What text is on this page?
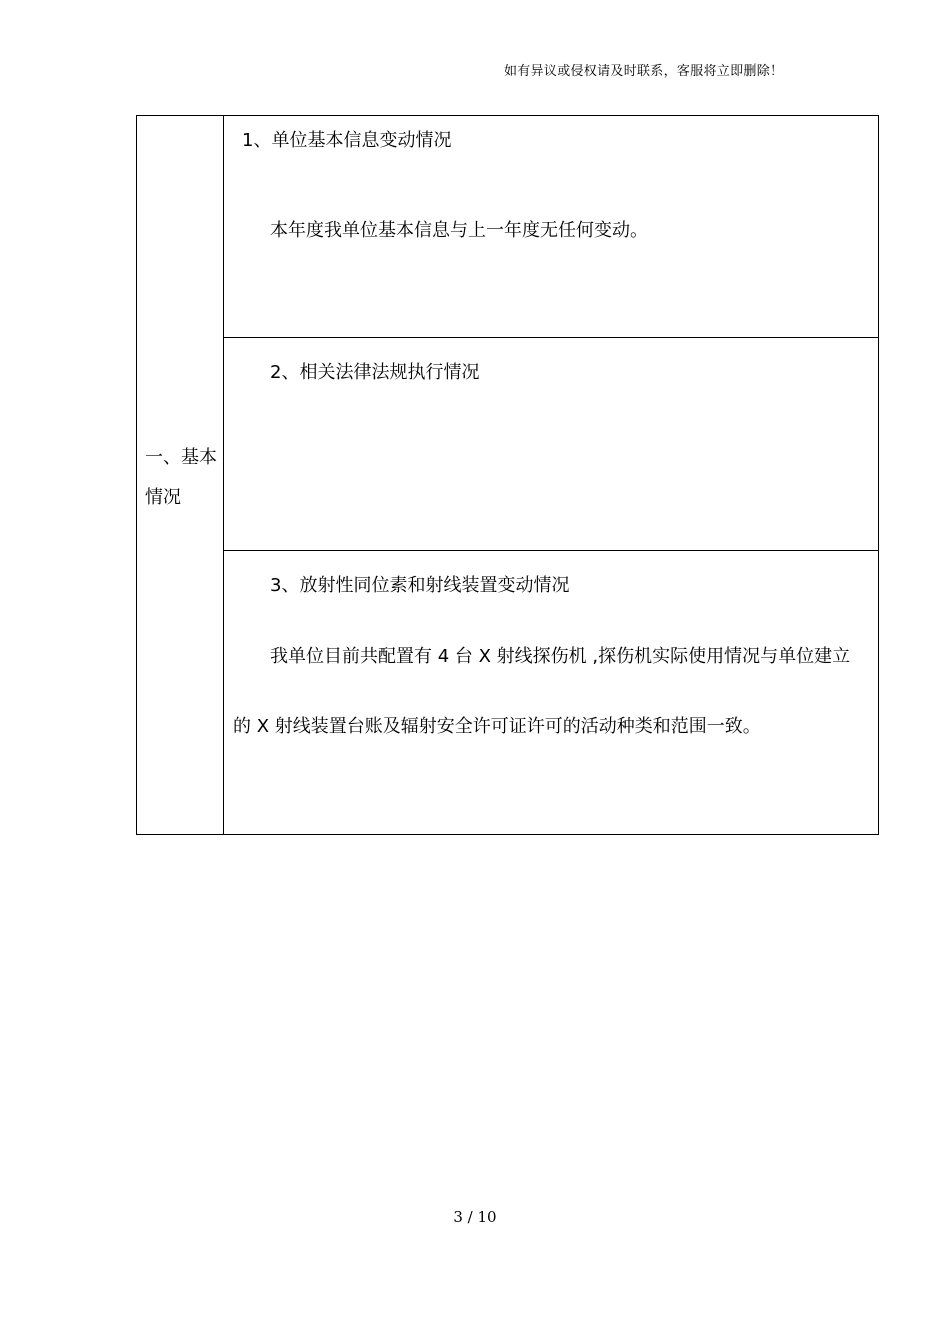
如有异议或侵权请及时联系，客服将立即删除！
一、基本
情况
1、单位基本信息变动情况
本年度我单位基本信息与上一年度无任何变动。
2、相关法律法规执行情况
3、放射性同位素和射线装置变动情况
我单位目前共配置有 4 台 X 射线探伤机 ,探伤机实际使用情况与单位建立
的 X 射线装置台账及辐射安全许可证许可的活动种类和范围一致。
3 / 10
